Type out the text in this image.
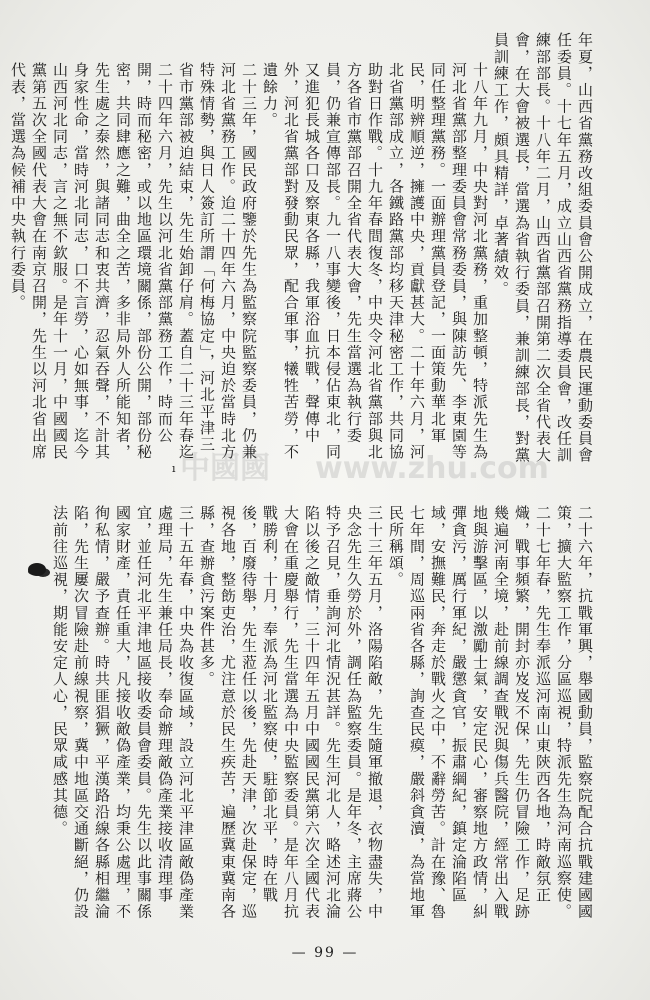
年夏，山西省黨務改組委員會公開成立，在農民運動委員會任委員。十七年五月，成立山西省黨務指導委員會，改任訓練部部長。十八年二月，山西省黨部召開第二次全省代表大會，在大會被選長，當選為省執行委員，兼訓練部長，對黨員訓練工作，頗具精詳，卓著績效。

十八年九月，中央對河北黨務，重加整頓，特派先生為河北省黨部整理委員會常務委員，與陳訪先、李東園等同任整理黨務。一面辦理黨員登記，一面策動華北軍民，明辨順逆，擁護中央，貢獻甚大。二十年六月，河北省黨部成立，各鐵路黨部均移天津秘密工作，共同協助對日作戰。十九年春間復冬，中央令河北省黨部與北方各省市黨部召開全省代表大會，先生當選為執行委員，仍兼宣傳部長。九一八事變後，日本侵佔東北，同又進犯長城各口及察東各縣，我軍浴血抗戰，聲傳中外，河北省黨部對發動民眾，配合軍事，犧牲苦勞，不遺餘力。

二十三年，國民政府鑒於先生為監察院監察委員，仍兼河北省黨務工作。迨二十四年六月，中央迫於當時北方特殊情勢，與日人簽訂所謂「何梅協定」，河北平津三省市黨部被迫結束，先生始卸仔肩。蓋自二十三年春迄二十四年六月，先生以河北省黨部黨務工作，時而公開，時而秘密，或以地區環境關係，部份公開，部份秘密，共同肆應之難，曲全之苦，多非局外人所能知者，先生處之泰然，與諸同志和衷共濟，忍氣吞聲，不計其身家性命，當時河北同志，口不言勞，心如無事，迄今山西河北同志，言之無不欽服。是年十一月，中國國民黨第五次全國代表大會在南京召開，先生以河北省出席代表，當選為候補中央執行委員。

ı

二十六年，抗戰軍興，舉國動員，監察院配合抗戰建國國策，擴大監察工作，分區巡視，特派先生為河南巡察使。二十七年春，先生奉派巡河南山東陝西各地，時敵氛正熾，戰事頻繁，開封亦岌岌不保，先生仍冒險工作，足跡幾遍河南全境，赴前線調查戰況與傷兵醫院，經常出入戰地與游擊區，以激勵士氣，安定民心，審察地方政情，糾彈貪污，厲行軍紀，嚴懲貪官，振肅綱紀，鎮定淪陷區域，安撫難民，奔走於戰火之中，不辭勞苦。計在豫、魯七年間，周巡兩省各縣，詢查民瘼，嚴斜貪瀆，為當地軍民所稱頌。

三十三年五月，洛陽陷敵，先生隨軍撤退，衣物盡失，中央念先生久勞於外，調任為監察委員。是年冬，主席蔣公特予召見，垂詢河北情況甚詳。先生河北人，略述河北淪陷以後之敵情，三十四年五月中國國民黨第六次全國代表大會在重慶舉行，先生當選為中央監察委員。是年八月抗戰勝利，十月，奉派為河北監察使，駐節北平，時在戰後，百廢待舉，先生蒞任以後，先赴天津，次赴保定，巡視各地，整飭吏治，尤注意於民生疾苦，遍歷冀東冀南各縣，查辦貪污案件甚多。

三十五年春，中央為收復區域，設立河北平津區敵偽產業處理局，先生兼任局長，奉命辦理敵偽產業接收清理事宜，並任河北平津地區接收委員會委員。先生以此事關係國家財產，責任重大，凡接收敵偽產業，均秉公處理，不徇私情，嚴予查辦。時共匪猖獗，平漢路沿線各縣相繼淪陷，先生屢次冒險赴前線視察，冀中地區交通斷絕，仍設法前往巡視，期能安定人心，民眾咸感其德。

中國國 www.zhu.com
— 99 —
